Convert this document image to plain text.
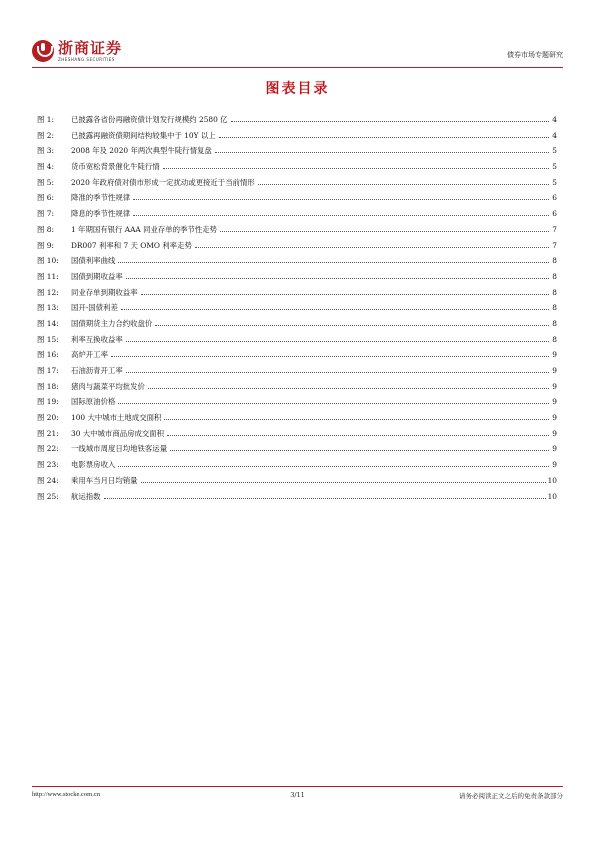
浙商证券
ZHESHANG SECURITIES	债券市场专题研究
图表目录
图 1:	已披露各省份再融资债计划发行规模约 2580 亿	4
图 2:	已披露再融资债期间结构较集中于 10Y 以上	4
图 3:	2008 年及 2020 年两次典型牛陡行情复盘	5
图 4:	货币宽松背景催化牛陡行情	5
图 5:	2020 年政府债对债市形成一定扰动或更接近于当前情形	5
图 6:	降准的季节性规律	6
图 7:	降息的季节性规律	6
图 8:	1 年期国有银行 AAA 同业存单的季节性走势	7
图 9:	DR007 利率和 7 天 OMO 利率走势	7
图 10:	国债利率曲线	8
图 11:	国债到期收益率	8
图 12:	同业存单到期收益率	8
图 13:	国开-国债利差	8
图 14:	国债期货主力合约收盘价	8
图 15:	利率互换收益率	8
图 16:	高炉开工率	9
图 17:	石油沥青开工率	9
图 18:	猪肉与蔬菜平均批发价	9
图 19:	国际原油价格	9
图 20:	100 大中城市土地成交面积	9
图 21:	30 大中城市商品房成交面积	9
图 22:	一线城市周度日均地铁客运量	9
图 23:	电影票房收入	9
图 24:	乘用车当月日均销量	10
图 25:	航运指数	10
http://www.stocke.com.cn	3/11	请务必阅读正文之后的免责条款部分
